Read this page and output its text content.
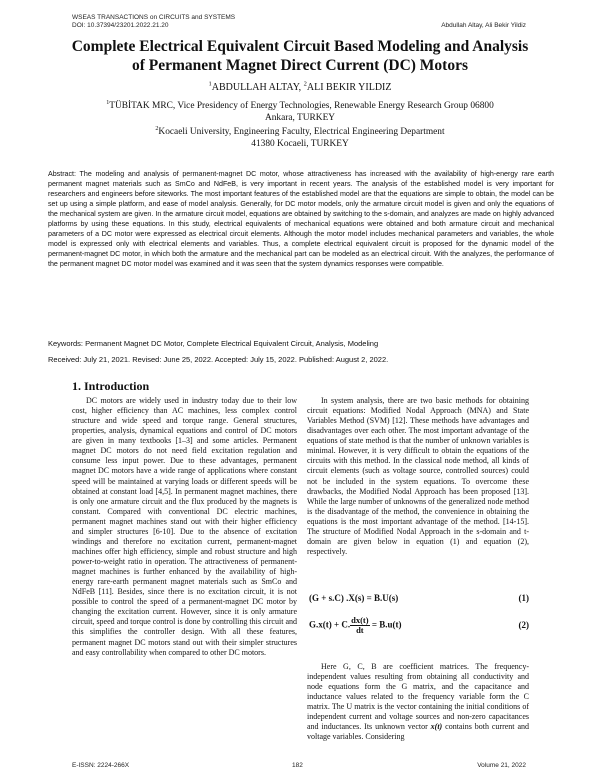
WSEAS TRANSACTIONS on CIRCUITS and SYSTEMS
DOI: 10.37394/23201.2022.21.20	Abdullah Altay, Ali Bekir Yildiz
Complete Electrical Equivalent Circuit Based Modeling and Analysis
of Permanent Magnet Direct Current (DC) Motors
$^1$ABDULLAH ALTAY, $^2$ALI BEKIR YILDIZ
$^1$TÜBİTAK MRC, Vice Presidency of Energy Technologies, Renewable Energy Research Group 06800
Ankara, TURKEY
$^2$Kocaeli University, Engineering Faculty, Electrical Engineering Department
41380 Kocaeli, TURKEY
Abstract: The modeling and analysis of permanent-magnet DC motor, whose attractiveness has increased with the availability of high-energy rare earth permanent magnet materials such as SmCo and NdFeB, is very important in recent years. The analysis of the established model is very important for researchers and engineers before siteworks. The most important features of the established model are that the equations are simple to obtain, the model can be set up using a simple platform, and ease of model analysis. Generally, for DC motor models, only the armature circuit model is given and only the equations of the mechanical system are given. In the armature circuit model, equations are obtained by switching to the s-domain, and analyzes are made on highly advanced platforms by using these equations. In this study, electrical equivalents of mechanical equations were obtained and both armature circuit and mechanical parameters of a DC motor were expressed as electrical circuit elements. Although the motor model includes mechanical parameters and variables, the whole model is expressed only with electrical elements and variables. Thus, a complete electrical equivalent circuit is proposed for the dynamic model of the permanent-magnet DC motor, in which both the armature and the mechanical part can be modeled as an electrical circuit. With the analyzes, the performance of the permanent magnet DC motor model was examined and it was seen that the system dynamics responses were compatible.
Keywords: Permanent Magnet DC Motor, Complete Electrical Equivalent Circuit, Analysis, Modeling
Received: July 21, 2021. Revised: June 25, 2022. Accepted: July 15, 2022. Published: August 2, 2022.
1. Introduction

DC motors are widely used in industry today due to their low cost, higher efficiency than AC machines, less complex control structure and wide speed and torque range. General structures, properties, analysis, dynamical equations and control of DC motors are given in many textbooks [1–3] and some articles. Permanent magnet DC motors do not need field excitation regulation and consume less input power. Due to these advantages, permanent magnet DC motors have a wide range of applications where constant speed will be maintained at varying loads or different speeds will be obtained at constant load [4,5]. In permanent magnet machines, there is only one armature circuit and the flux produced by the magnets is constant. Compared with conventional DC electric machines, permanent magnet machines stand out with their higher efficiency and simpler structures [6-10]. Due to the absence of excitation windings and therefore no excitation current, permanent-magnet machines offer high efficiency, simple and robust structure and high power-to-weight ratio in operation. The attractiveness of permanent-magnet machines is further enhanced by the availability of high-energy rare-earth permanent magnet materials such as SmCo and NdFeB [11]. Besides, since there is no excitation circuit, it is not possible to control the speed of a permanent-magnet DC motor by changing the excitation current. However, since it is only armature circuit, speed and torque control is done by controlling this circuit and this simplifies the controller design. With all these features, permanent magnet DC motors stand out with their simpler structures and easy controllability when compared to other DC motors.

In system analysis, there are two basic methods for obtaining circuit equations: Modified Nodal Approach (MNA) and State Variables Method (SVM) [12]. These methods have advantages and disadvantages over each other. The most important advantage of the equations of state method is that the number of unknown variables is minimal. However, it is very difficult to obtain the equations of the circuits with this method. In the classical node method, all kinds of circuit elements (such as voltage source, controlled sources) could not be included in the system equations. To overcome these drawbacks, the Modified Nodal Approach has been proposed [13]. While the large number of unknowns of the generalized node method is the disadvantage of the method, the convenience in obtaining the equations is the most important advantage of the method. [14-15]. The structure of Modified Nodal Approach in the s-domain and t-domain are given below in equation (1) and equation (2), respectively.

(G + s.C) .X(s) = B.U(s)	(1)
G.x(t) + C. $\frac{dx(t)}{dt} = B.u(t)$	(2)

Here G, C, B are coefficient matrices. The frequency-independent values resulting from obtaining all conductivity and node equations form the G matrix, and the capacitance and inductance values related to the frequency variable form the C matrix. The U matrix is the vector containing the initial conditions of independent current and voltage sources and non-zero capacitances and inductances. Its unknown vector x(t) contains both current and voltage variables. Considering

E-ISSN: 2224-266X	182	Volume 21, 2022
